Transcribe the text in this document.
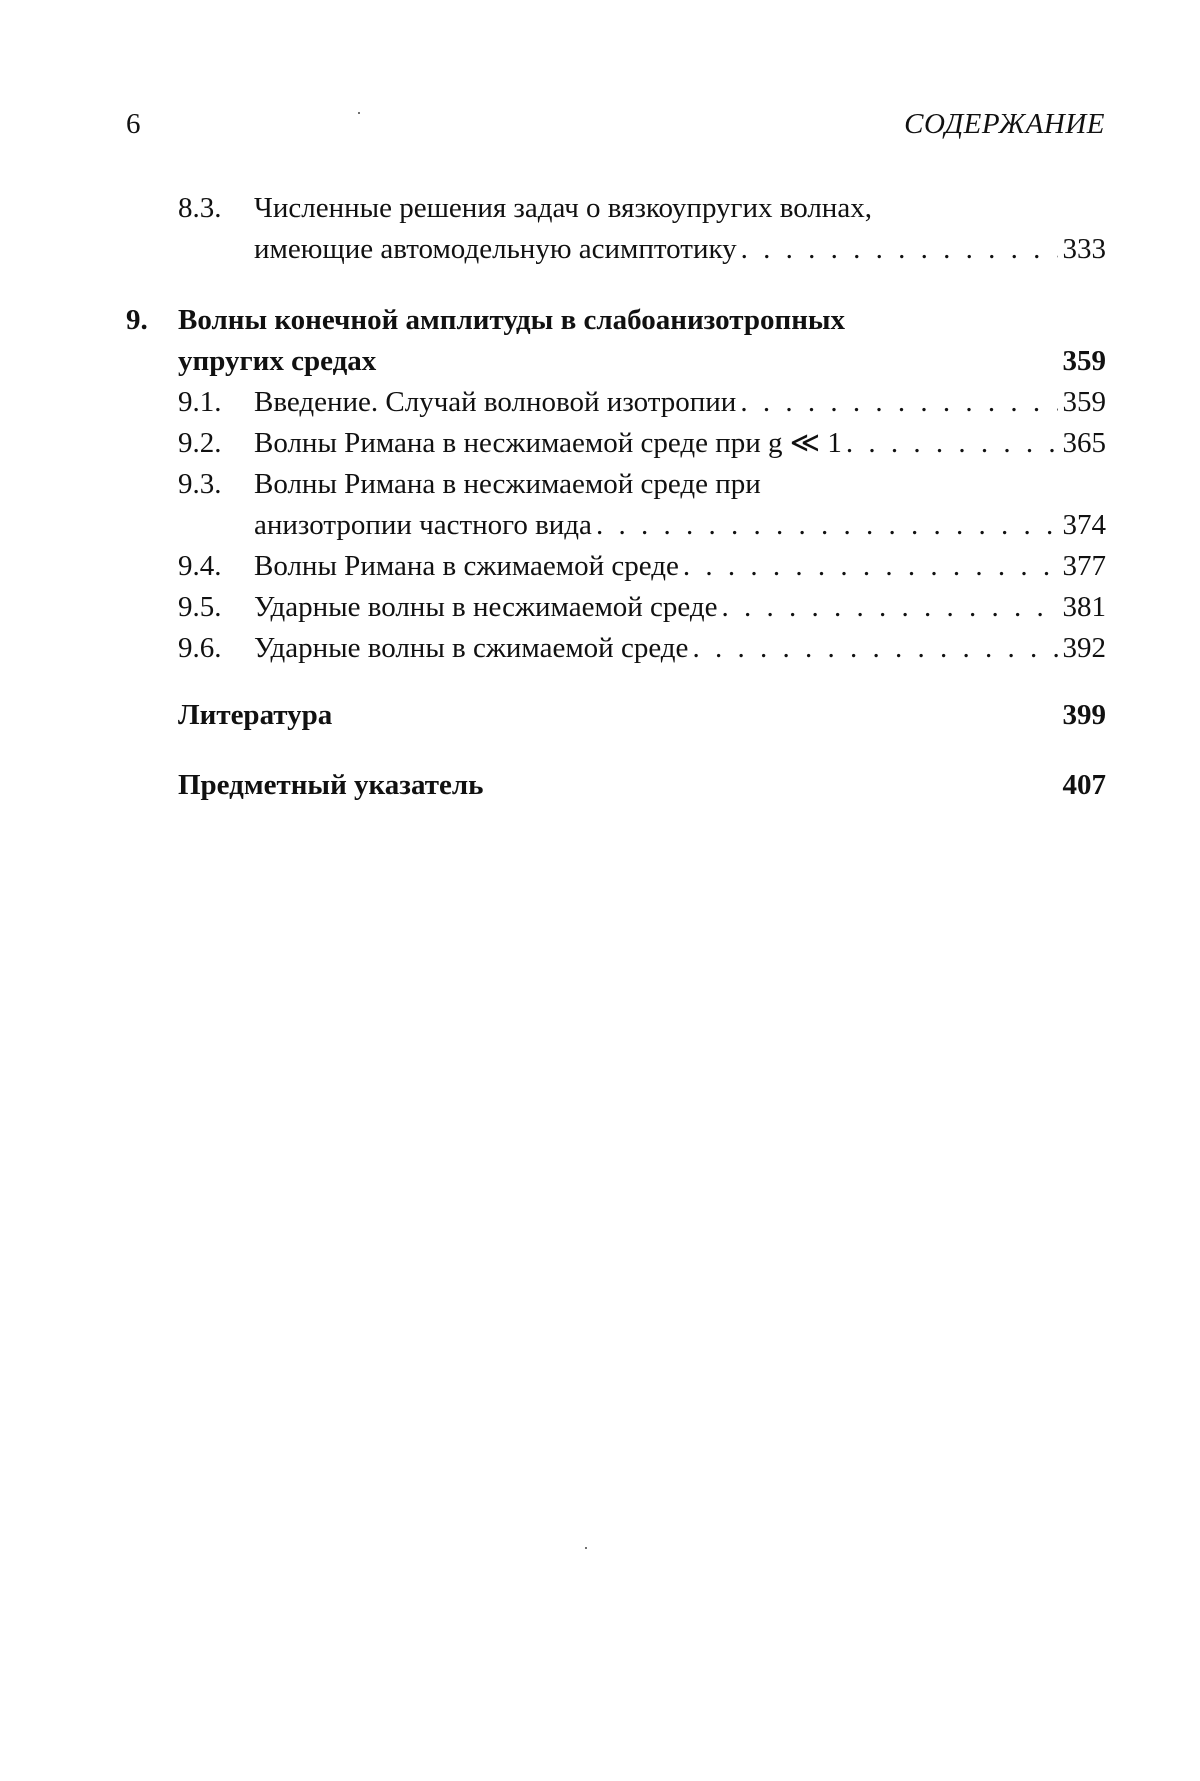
6	СОДЕРЖАНИЕ
8.3.	Численные решения задач о вязкоупругих волнах,
имеющие автомодельную асимптотику . . .	333
9.	Волны конечной амплитуды в слабоанизотропных
упругих средах	359
9.1.	Введение. Случай волновой изотропии . . .	359
9.2.	Волны Римана в несжимаемой среде при g ≪ 1 . . .	365
9.3.	Волны Римана в несжимаемой среде при
анизотропии частного вида . . .	374
9.4.	Волны Римана в сжимаемой среде . . .	377
9.5.	Ударные волны в несжимаемой среде . . .	381
9.6.	Ударные волны в сжимаемой среде . . .	392
Литература	399
Предметный указатель	407
